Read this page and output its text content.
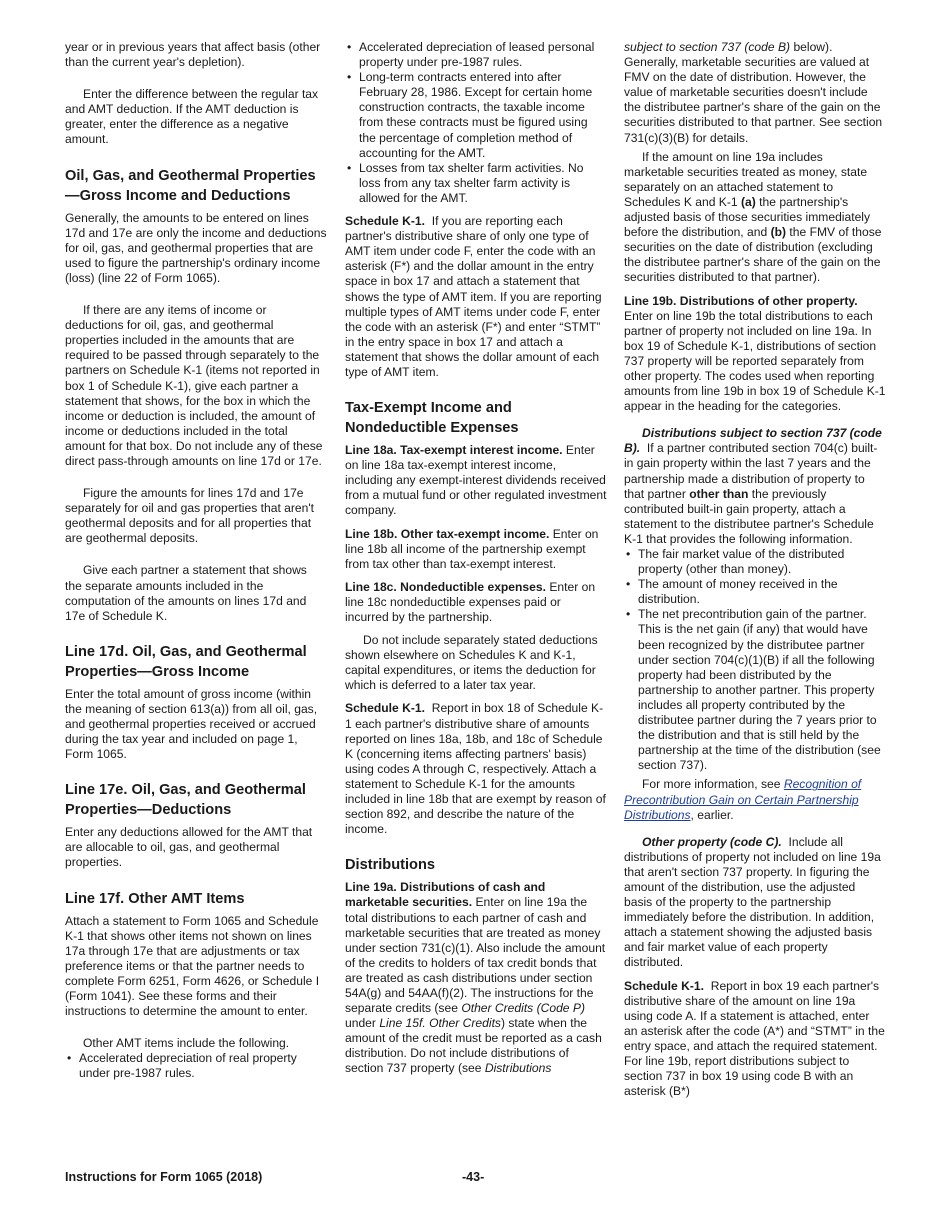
year or in previous years that affect basis (other than the current year's depletion).

Enter the difference between the regular tax and AMT deduction. If the AMT deduction is greater, enter the difference as a negative amount.

Oil, Gas, and Geothermal Properties—Gross Income and Deductions

Generally, the amounts to be entered on lines 17d and 17e are only the income and deductions for oil, gas, and geothermal properties that are used to figure the partnership's ordinary income (loss) (line 22 of Form 1065).

If there are any items of income or deductions for oil, gas, and geothermal properties included in the amounts that are required to be passed through separately to the partners on Schedule K-1 (items not reported in box 1 of Schedule K-1), give each partner a statement that shows, for the box in which the income or deduction is included, the amount of income or deductions included in the total amount for that box. Do not include any of these direct pass-through amounts on line 17d or 17e.

Figure the amounts for lines 17d and 17e separately for oil and gas properties that aren't geothermal deposits and for all properties that are geothermal deposits.

Give each partner a statement that shows the separate amounts included in the computation of the amounts on lines 17d and 17e of Schedule K.

Line 17d. Oil, Gas, and Geothermal Properties—Gross Income

Enter the total amount of gross income (within the meaning of section 613(a)) from all oil, gas, and geothermal properties received or accrued during the tax year and included on page 1, Form 1065.

Line 17e. Oil, Gas, and Geothermal Properties—Deductions

Enter any deductions allowed for the AMT that are allocable to oil, gas, and geothermal properties.

Line 17f. Other AMT Items

Attach a statement to Form 1065 and Schedule K-1 that shows other items not shown on lines 17a through 17e that are adjustments or tax preference items or that the partner needs to complete Form 6251, Form 4626, or Schedule I (Form 1041). See these forms and their instructions to determine the amount to enter.

Other AMT items include the following.

• Accelerated depreciation of real property under pre-1987 rules.

• Accelerated depreciation of leased personal property under pre-1987 rules.

• Long-term contracts entered into after February 28, 1986. Except for certain home construction contracts, the taxable income from these contracts must be figured using the percentage of completion method of accounting for the AMT.

• Losses from tax shelter farm activities. No loss from any tax shelter farm activity is allowed for the AMT.

Schedule K-1. If you are reporting each partner's distributive share of only one type of AMT item under code F, enter the code with an asterisk (F*) and the dollar amount in the entry space in box 17 and attach a statement that shows the type of AMT item. If you are reporting multiple types of AMT items under code F, enter the code with an asterisk (F*) and enter “STMT” in the entry space in box 17 and attach a statement that shows the dollar amount of each type of AMT item.

Tax-Exempt Income and Nondeductible Expenses

Line 18a. Tax-exempt interest income. Enter on line 18a tax-exempt interest income, including any exempt-interest dividends received from a mutual fund or other regulated investment company.

Line 18b. Other tax-exempt income. Enter on line 18b all income of the partnership exempt from tax other than tax-exempt interest.

Line 18c. Nondeductible expenses. Enter on line 18c nondeductible expenses paid or incurred by the partnership.

Do not include separately stated deductions shown elsewhere on Schedules K and K-1, capital expenditures, or items the deduction for which is deferred to a later tax year.

Schedule K-1. Report in box 18 of Schedule K-1 each partner's distributive share of amounts reported on lines 18a, 18b, and 18c of Schedule K (concerning items affecting partners' basis) using codes A through C, respectively. Attach a statement to Schedule K-1 for the amounts included in line 18b that are exempt by reason of section 892, and describe the nature of the income.

Distributions

Line 19a. Distributions of cash and marketable securities. Enter on line 19a the total distributions to each partner of cash and marketable securities that are treated as money under section 731(c)(1). Also include the amount of the credits to holders of tax credit bonds that are treated as cash distributions under section 54A(g) and 54AA(f)(2). The instructions for the separate credits (see Other Credits (Code P) under Line 15f. Other Credits) state when the amount of the credit must be reported as a cash distribution. Do not include distributions of section 737 property (see Distributions

subject to section 737 (code B) below). Generally, marketable securities are valued at FMV on the date of distribution. However, the value of marketable securities doesn't include the distributee partner's share of the gain on the securities distributed to that partner. See section 731(c)(3)(B) for details.

If the amount on line 19a includes marketable securities treated as money, state separately on an attached statement to Schedules K and K-1 (a) the partnership's adjusted basis of those securities immediately before the distribution, and (b) the FMV of those securities on the date of distribution (excluding the distributee partner's share of the gain on the securities distributed to that partner).

Line 19b. Distributions of other property. Enter on line 19b the total distributions to each partner of property not included on line 19a. In box 19 of Schedule K-1, distributions of section 737 property will be reported separately from other property. The codes used when reporting amounts from line 19b in box 19 of Schedule K-1 appear in the heading for the categories.

Distributions subject to section 737 (code B). If a partner contributed section 704(c) built-in gain property within the last 7 years and the partnership made a distribution of property to that partner other than the previously contributed built-in gain property, attach a statement to the distributee partner's Schedule K-1 that provides the following information.

• The fair market value of the distributed property (other than money).

• The amount of money received in the distribution.

• The net precontribution gain of the partner. This is the net gain (if any) that would have been recognized by the distributee partner under section 704(c)(1)(B) if all the following property had been distributed by the partnership to another partner. This property includes all property contributed by the distributee partner during the 7 years prior to the distribution and that is still held by the partnership at the time of the distribution (see section 737).

For more information, see Recognition of Precontribution Gain on Certain Partnership Distributions, earlier.

Other property (code C). Include all distributions of property not included on line 19a that aren't section 737 property. In figuring the amount of the distribution, use the adjusted basis of the property to the partnership immediately before the distribution. In addition, attach a statement showing the adjusted basis and fair market value of each property distributed.

Schedule K-1. Report in box 19 each partner's distributive share of the amount on line 19a using code A. If a statement is attached, enter an asterisk after the code (A*) and “STMT” in the entry space, and attach the required statement. For line 19b, report distributions subject to section 737 in box 19 using code B with an asterisk (B*)

Instructions for Form 1065 (2018)	-43-
